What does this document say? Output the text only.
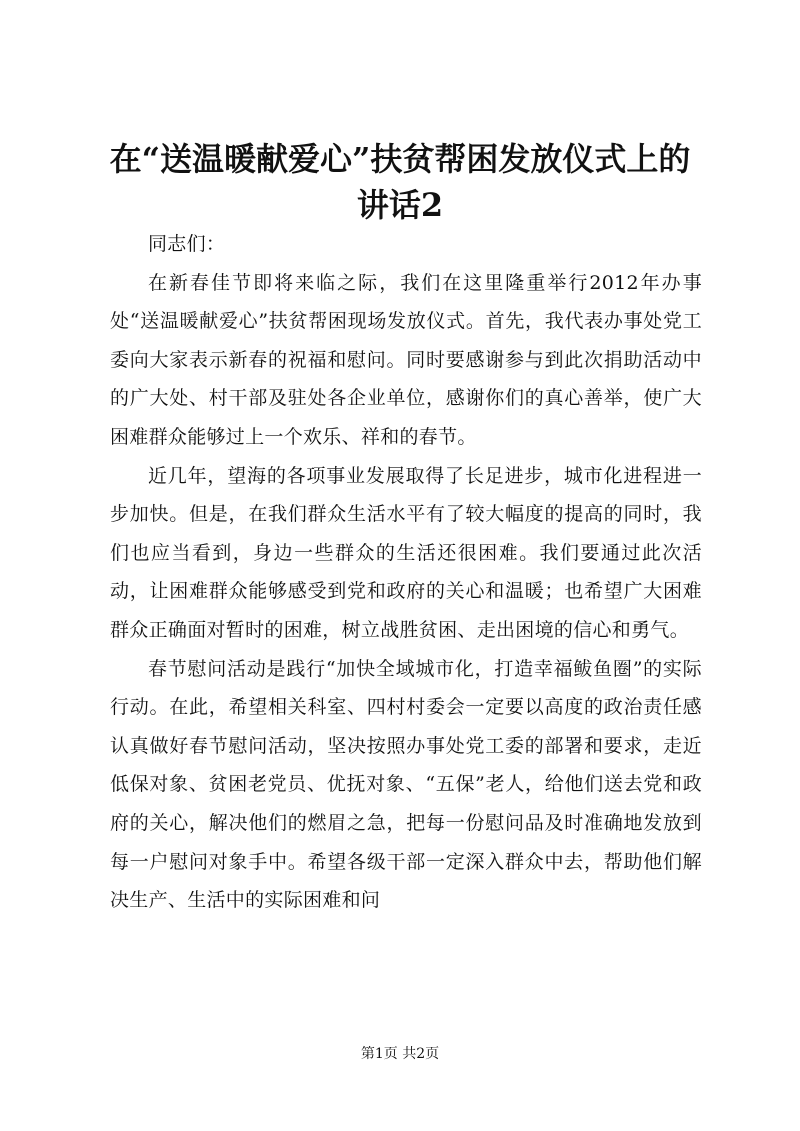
在“送温暖献爱心”扶贫帮困发放仪式上的讲话2

同志们：

在新春佳节即将来临之际，我们在这里隆重举行2012年办事处“送温暖献爱心”扶贫帮困现场发放仪式。首先，我代表办事处党工委向大家表示新春的祝福和慰问。同时要感谢参与到此次捐助活动中的广大处、村干部及驻处各企业单位，感谢你们的真心善举，使广大困难群众能够过上一个欢乐、祥和的春节。

近几年，望海的各项事业发展取得了长足进步，城市化进程进一步加快。但是，在我们群众生活水平有了较大幅度的提高的同时，我们也应当看到，身边一些群众的生活还很困难。我们要通过此次活动，让困难群众能够感受到党和政府的关心和温暖；也希望广大困难群众正确面对暂时的困难，树立战胜贫困、走出困境的信心和勇气。

春节慰问活动是践行“加快全域城市化，打造幸福鲅鱼圈”的实际行动。在此，希望相关科室、四村村委会一定要以高度的政治责任感认真做好春节慰问活动，坚决按照办事处党工委的部署和要求，走近低保对象、贫困老党员、优抚对象、“五保”老人，给他们送去党和政府的关心，解决他们的燃眉之急，把每一份慰问品及时准确地发放到每一户慰问对象手中。希望各级干部一定深入群众中去，帮助他们解决生产、生活中的实际困难和问

第1页 共2页
